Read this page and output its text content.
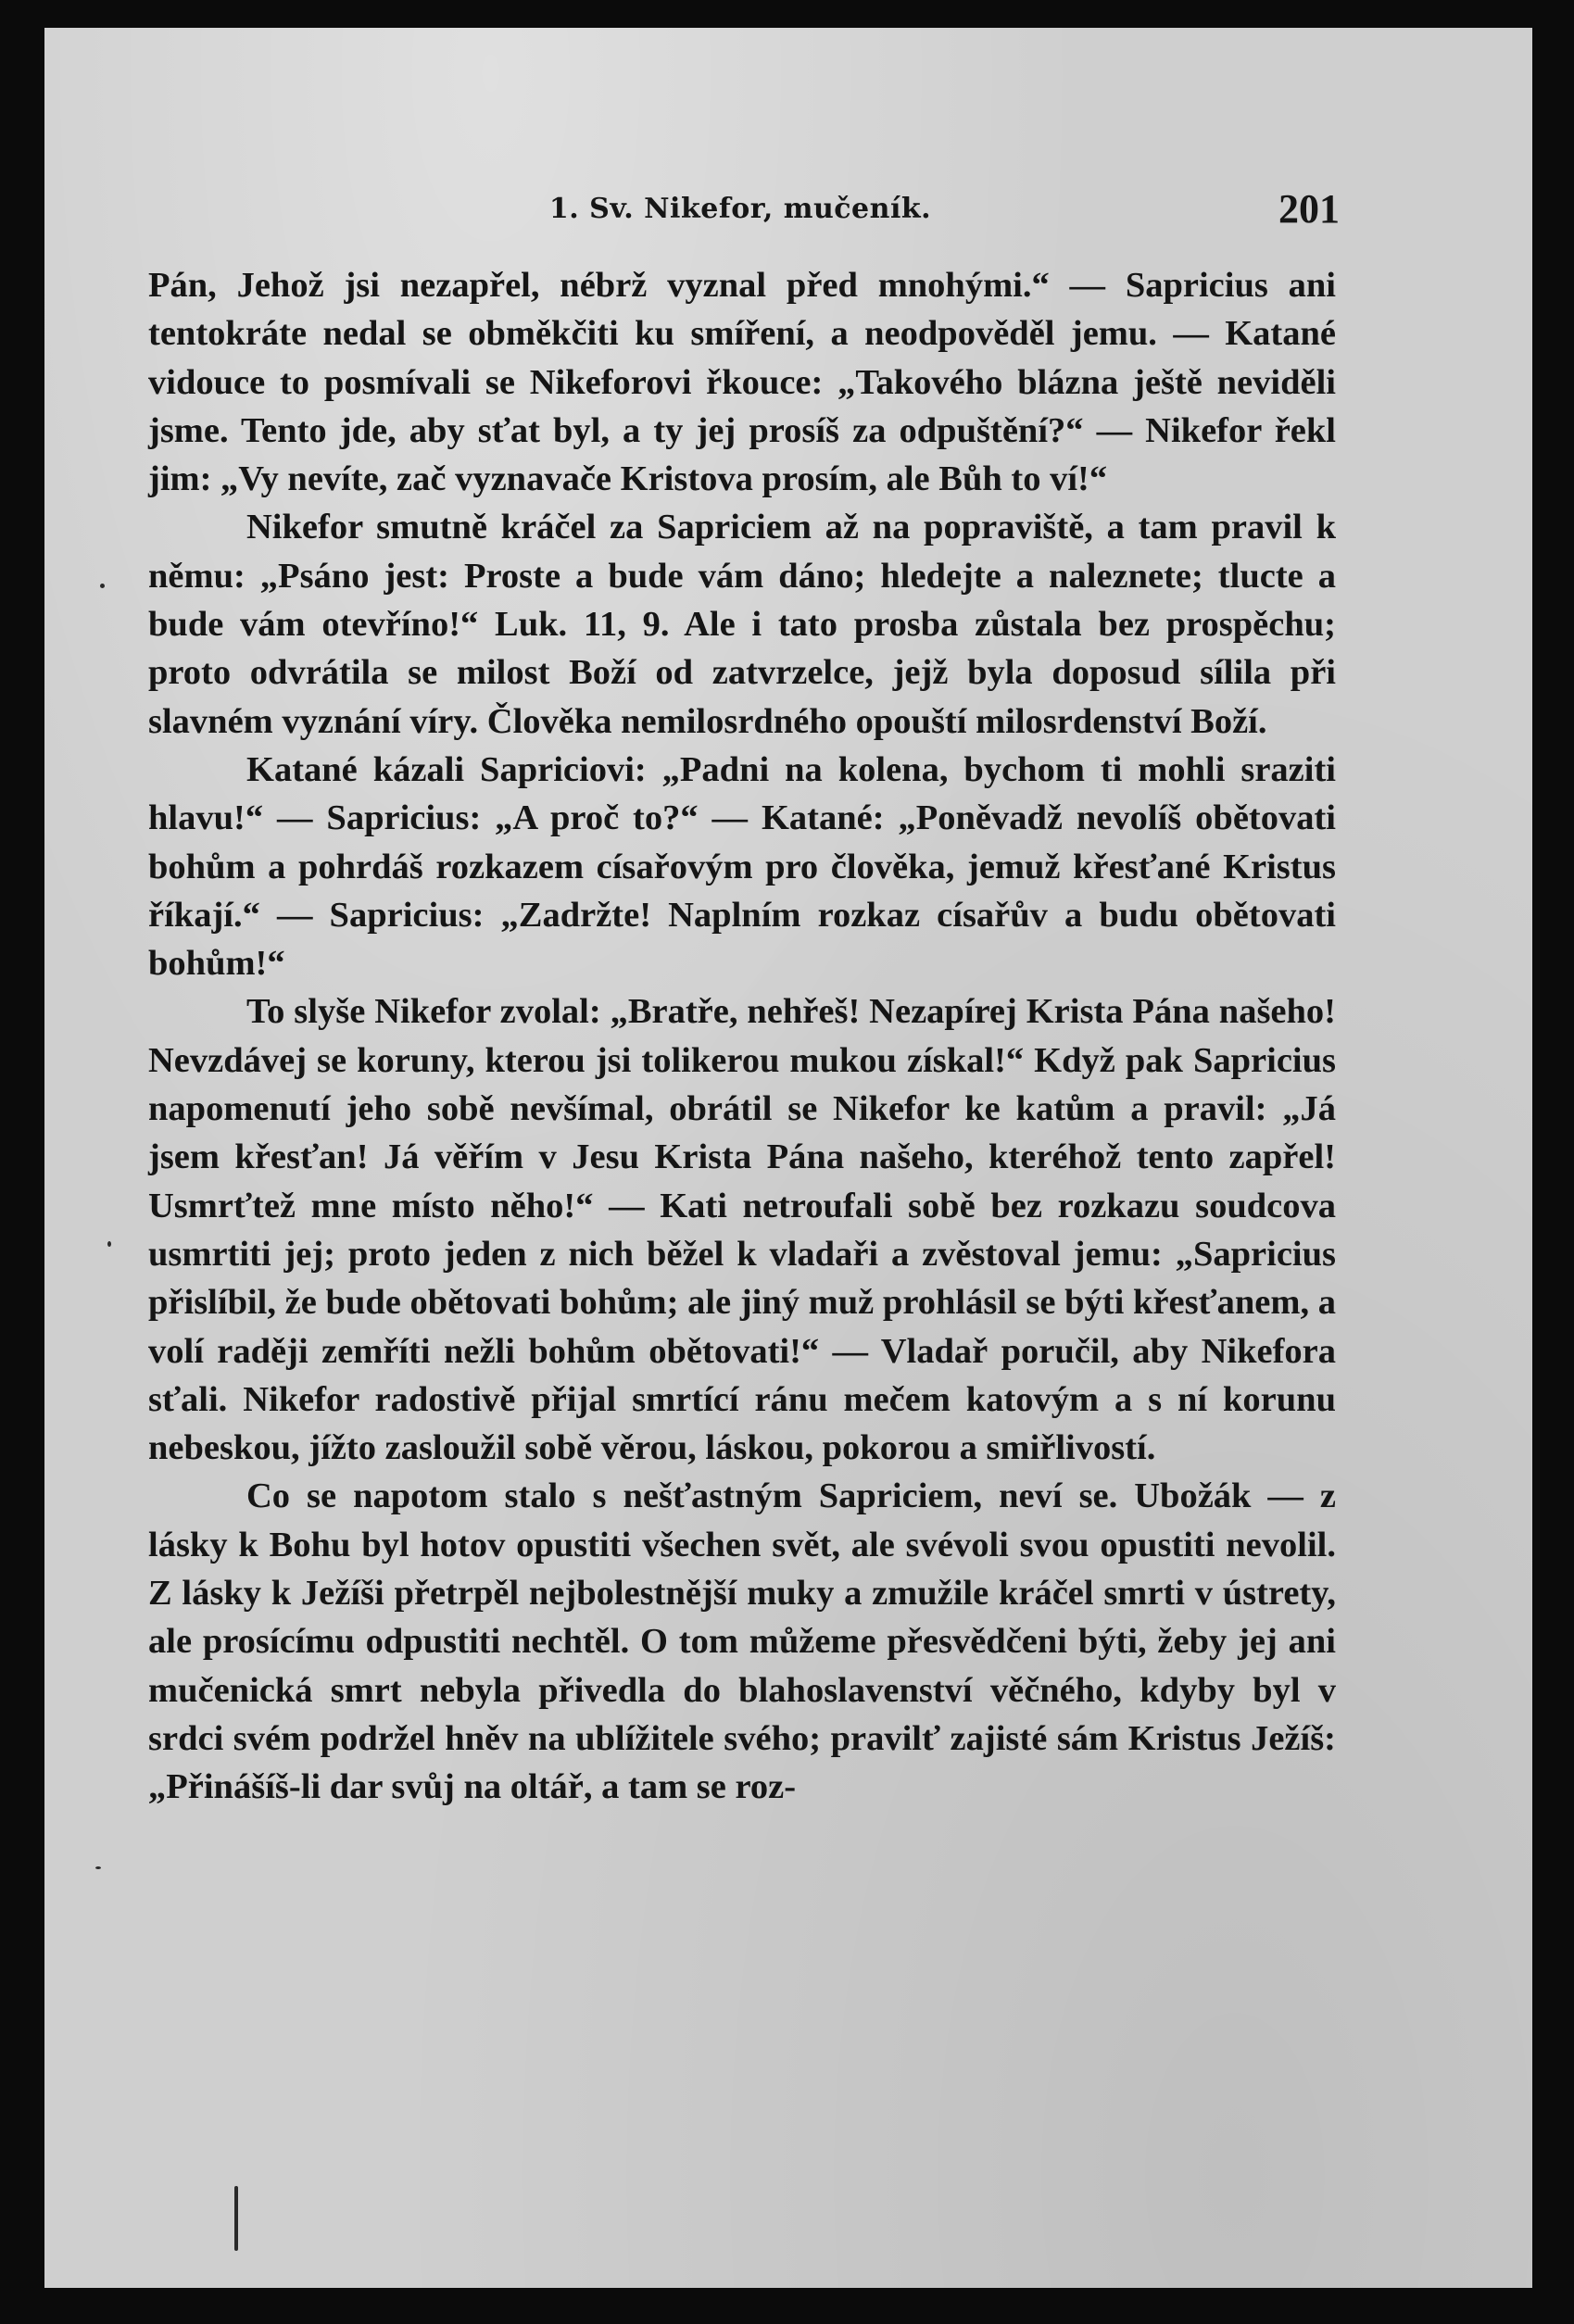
1. Sv. Nikefor, mučeník.	201

Pán, Jehož jsi nezapřel, nébrž vyznal před mnohými.“ — Sapricius ani tentokráte nedal se obměkčiti ku smíření, a neodpověděl jemu. — Katané vidouce to posmívali se Nikeforovi řkouce: „Takového blázna ještě neviděli jsme. Tento jde, aby sťat byl, a ty jej prosíš za odpuštění?“ — Nikefor řekl jim: „Vy nevíte, zač vyznavače Kristova prosím, ale Bůh to ví!“

Nikefor smutně kráčel za Sapriciem až na popraviště, a tam pravil k němu: „Psáno jest: Proste a bude vám dáno; hledejte a naleznete; tlucte a bude vám otevříno!“ Luk. 11, 9. Ale i tato prosba zůstala bez prospěchu; proto odvrátila se milost Boží od zatvrzelce, jejž byla doposud sílila při slavném vyznání víry. Člověka nemilosrdného opouští milosrdenství Boží.

Katané kázali Sapriciovi: „Padni na kolena, bychom ti mohli sraziti hlavu!“ — Sapricius: „A proč to?“ — Katané: „Poněvadž nevolíš obětovati bohům a pohrdáš rozkazem císařovým pro člověka, jemuž křesťané Kristus říkají.“ — Sapricius: „Zadržte! Naplním rozkaz císařův a budu obětovati bohům!“

To slyše Nikefor zvolal: „Bratře, nehřeš! Nezapírej Krista Pána našeho! Nevzdávej se koruny, kterou jsi tolikerou mukou získal!“ Když pak Sapricius napomenutí jeho sobě nevšímal, obrátil se Nikefor ke katům a pravil: „Já jsem křesťan! Já věřím v Jesu Krista Pána našeho, kteréhož tento zapřel! Usmrťtež mne místo něho!“ — Kati netroufali sobě bez rozkazu soudcova usmrtiti jej; proto jeden z nich běžel k vladaři a zvěstoval jemu: „Sapricius přislíbil, že bude obětovati bohům; ale jiný muž prohlásil se býti křesťanem, a volí raději zemříti nežli bohům obětovati!“ — Vladař poručil, aby Nikefora sťali. Nikefor radostivě přijal smrtící ránu mečem katovým a s ní korunu nebeskou, jížto zasloužil sobě věrou, láskou, pokorou a smiřlivostí.

Co se napotom stalo s nešťastným Sapriciem, neví se. Ubožák — z lásky k Bohu byl hotov opustiti všechen svět, ale svévoli svou opustiti nevolil. Z lásky k Ježíši přetrpěl nejbolestnější muky a zmužile kráčel smrti v ústrety, ale prosícímu odpustiti nechtěl. O tom můžeme přesvědčeni býti, žeby jej ani mučenická smrt nebyla přivedla do blahoslavenství věčného, kdyby byl v srdci svém podržel hněv na ublížitele svého; pravilť zajisté sám Kristus Ježíš: „Přinášíš-li dar svůj na oltář, a tam se roz-
